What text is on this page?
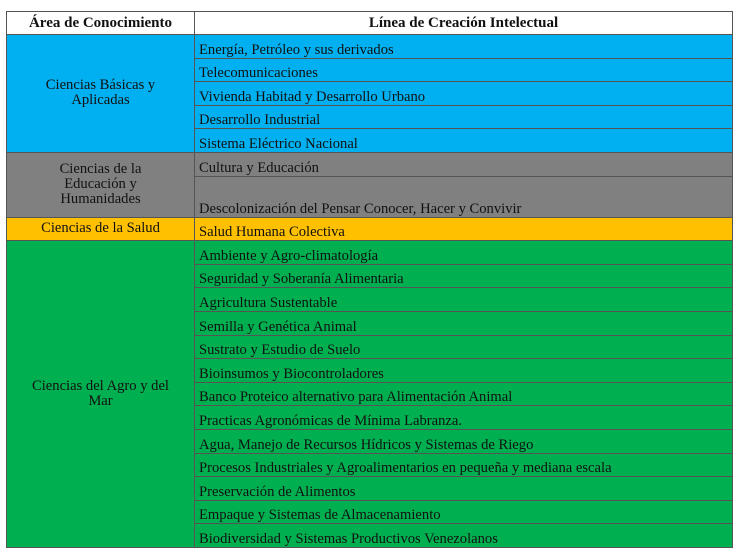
Área de Conocimiento	Línea de Creación Intelectual

Ciencias Básicas y
Aplicadas	Energía, Petróleo y sus derivados
	Telecomunicaciones
	Vivienda Habitad y Desarrollo Urbano
	Desarrollo Industrial
	Sistema Eléctrico Nacional

Ciencias de la
Educación y
Humanidades	Cultura y Educación
	Descolonización del Pensar Conocer, Hacer y Convivir

Ciencias de la Salud	Salud Humana Colectiva

Ciencias del Agro y del
Mar	Ambiente y Agro-climatología
	Seguridad y Soberanía Alimentaria
	Agricultura Sustentable
	Semilla y Genética Animal
	Sustrato y Estudio de Suelo
	Bioinsumos y Biocontroladores
	Banco Proteico alternativo para Alimentación Animal
	Practicas Agronómicas de Mínima Labranza.
	Agua, Manejo de Recursos Hídricos y Sistemas de Riego
	Procesos Industriales y Agroalimentarios en pequeña y mediana escala
	Preservación de Alimentos
	Empaque y Sistemas de Almacenamiento
	Biodiversidad y Sistemas Productivos Venezolanos
